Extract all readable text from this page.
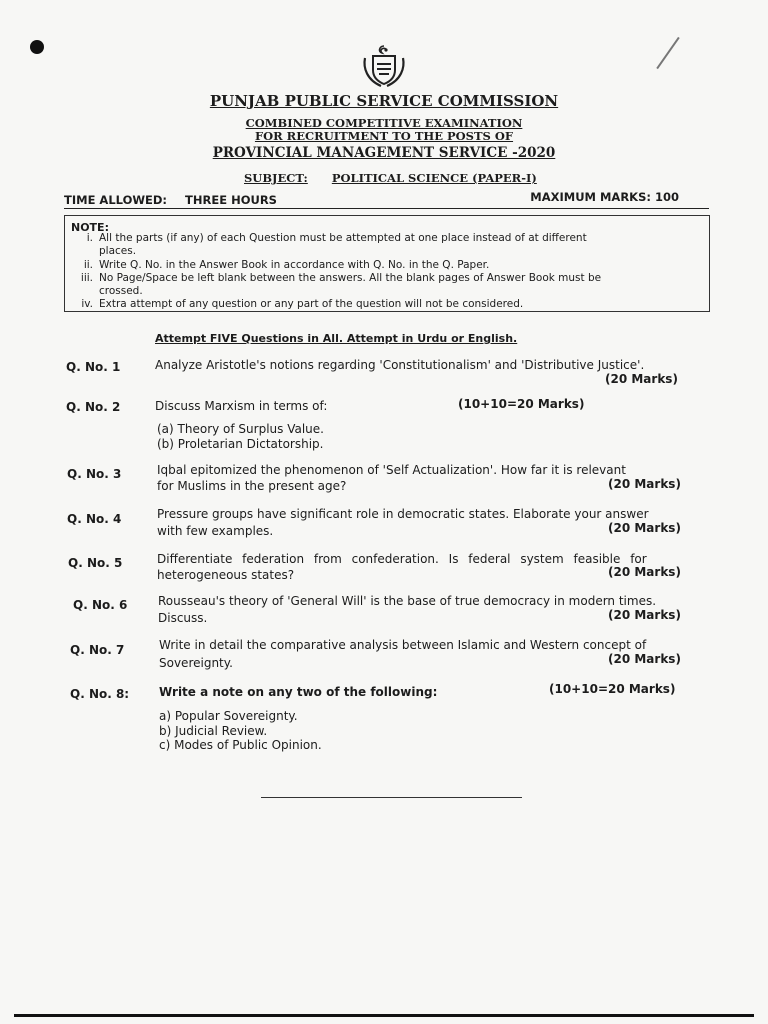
PUNJAB PUBLIC SERVICE COMMISSION
COMBINED COMPETITIVE EXAMINATION
FOR RECRUITMENT TO THE POSTS OF
PROVINCIAL MANAGEMENT SERVICE -2020
SUBJECT: POLITICAL SCIENCE (PAPER-I)
TIME ALLOWED: THREE HOURS	MAXIMUM MARKS: 100
NOTE:
i. All the parts (if any) of each Question must be attempted at one place instead of at different
places.
ii. Write Q. No. in the Answer Book in accordance with Q. No. in the Q. Paper.
iii. No Page/Space be left blank between the answers. All the blank pages of Answer Book must be
crossed.
iv. Extra attempt of any question or any part of the question will not be considered.
Attempt FIVE Questions in All. Attempt in Urdu or English.
Q. No. 1	Analyze Aristotle's notions regarding 'Constitutionalism' and 'Distributive Justice'.
(20 Marks)
Q. No. 2	Discuss Marxism in terms of:	(10+10=20 Marks)
(a) Theory of Surplus Value.
(b) Proletarian Dictatorship.
Q. No. 3	Iqbal epitomized the phenomenon of 'Self Actualization'. How far it is relevant
for Muslims in the present age?	(20 Marks)
Q. No. 4	Pressure groups have significant role in democratic states. Elaborate your answer
with few examples.	(20 Marks)
Q. No. 5	Differentiate federation from confederation. Is federal system feasible for
heterogeneous states?	(20 Marks)
Q. No. 6	Rousseau's theory of 'General Will' is the base of true democracy in modern times.
Discuss.	(20 Marks)
Q. No. 7	Write in detail the comparative analysis between Islamic and Western concept of
Sovereignty.	(20 Marks)
Q. No. 8: Write a note on any two of the following:	(10+10=20 Marks)
a) Popular Sovereignty.
b) Judicial Review.
c) Modes of Public Opinion.
